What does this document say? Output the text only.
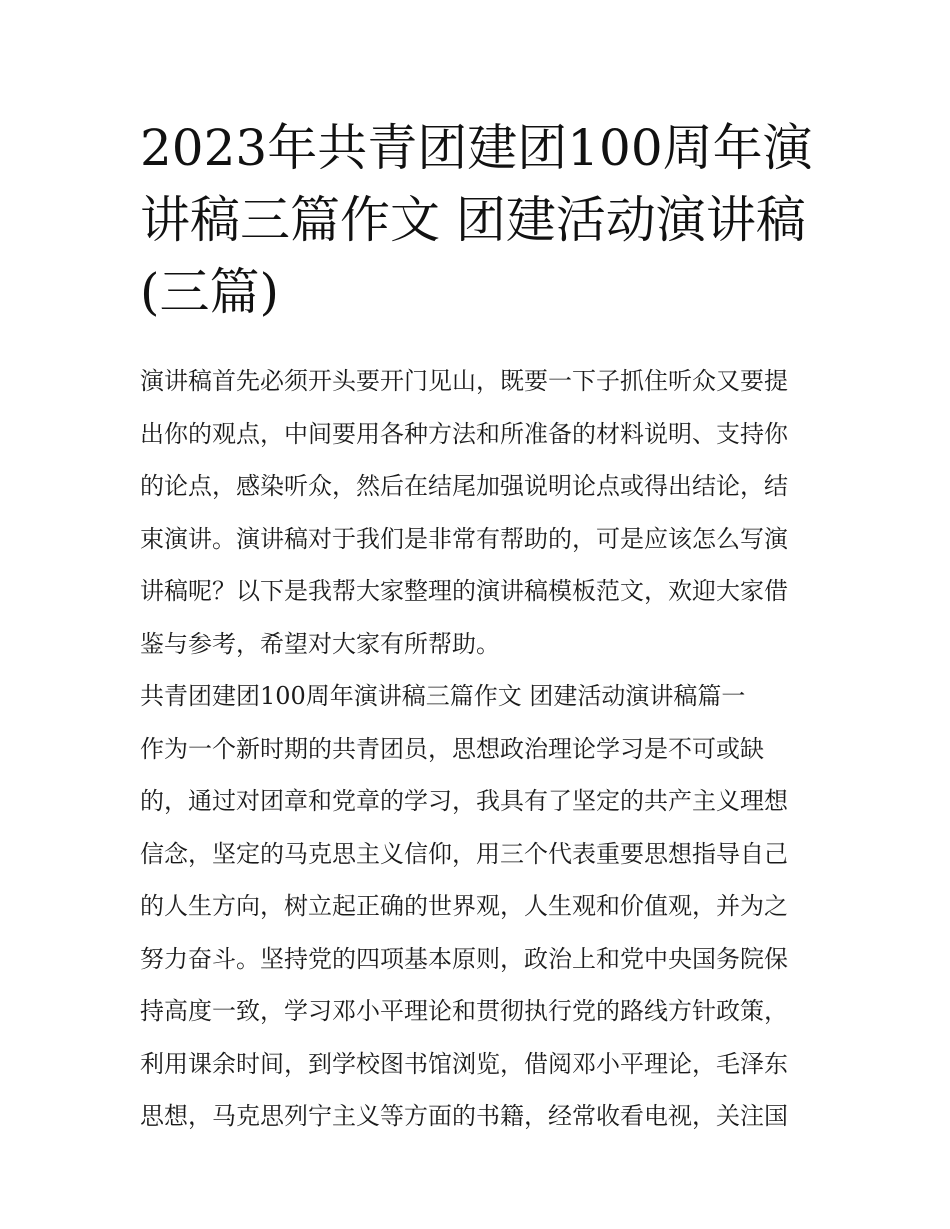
2023年共青团建团100周年演
讲稿三篇作文 团建活动演讲稿
(三篇)
演讲稿首先必须开头要开门见山，既要一下子抓住听众又要提
出你的观点，中间要用各种方法和所准备的材料说明、支持你
的论点，感染听众，然后在结尾加强说明论点或得出结论，结
束演讲。演讲稿对于我们是非常有帮助的，可是应该怎么写演
讲稿呢？以下是我帮大家整理的演讲稿模板范文，欢迎大家借
鉴与参考，希望对大家有所帮助。
共青团建团100周年演讲稿三篇作文 团建活动演讲稿篇一
作为一个新时期的共青团员，思想政治理论学习是不可或缺
的，通过对团章和党章的学习，我具有了坚定的共产主义理想
信念，坚定的马克思主义信仰，用三个代表重要思想指导自己
的人生方向，树立起正确的世界观，人生观和价值观，并为之
努力奋斗。坚持党的四项基本原则，政治上和党中央国务院保
持高度一致，学习邓小平理论和贯彻执行党的路线方针政策，
利用课余时间，到学校图书馆浏览，借阅邓小平理论，毛泽东
思想，马克思列宁主义等方面的书籍，经常收看电视，关注国
